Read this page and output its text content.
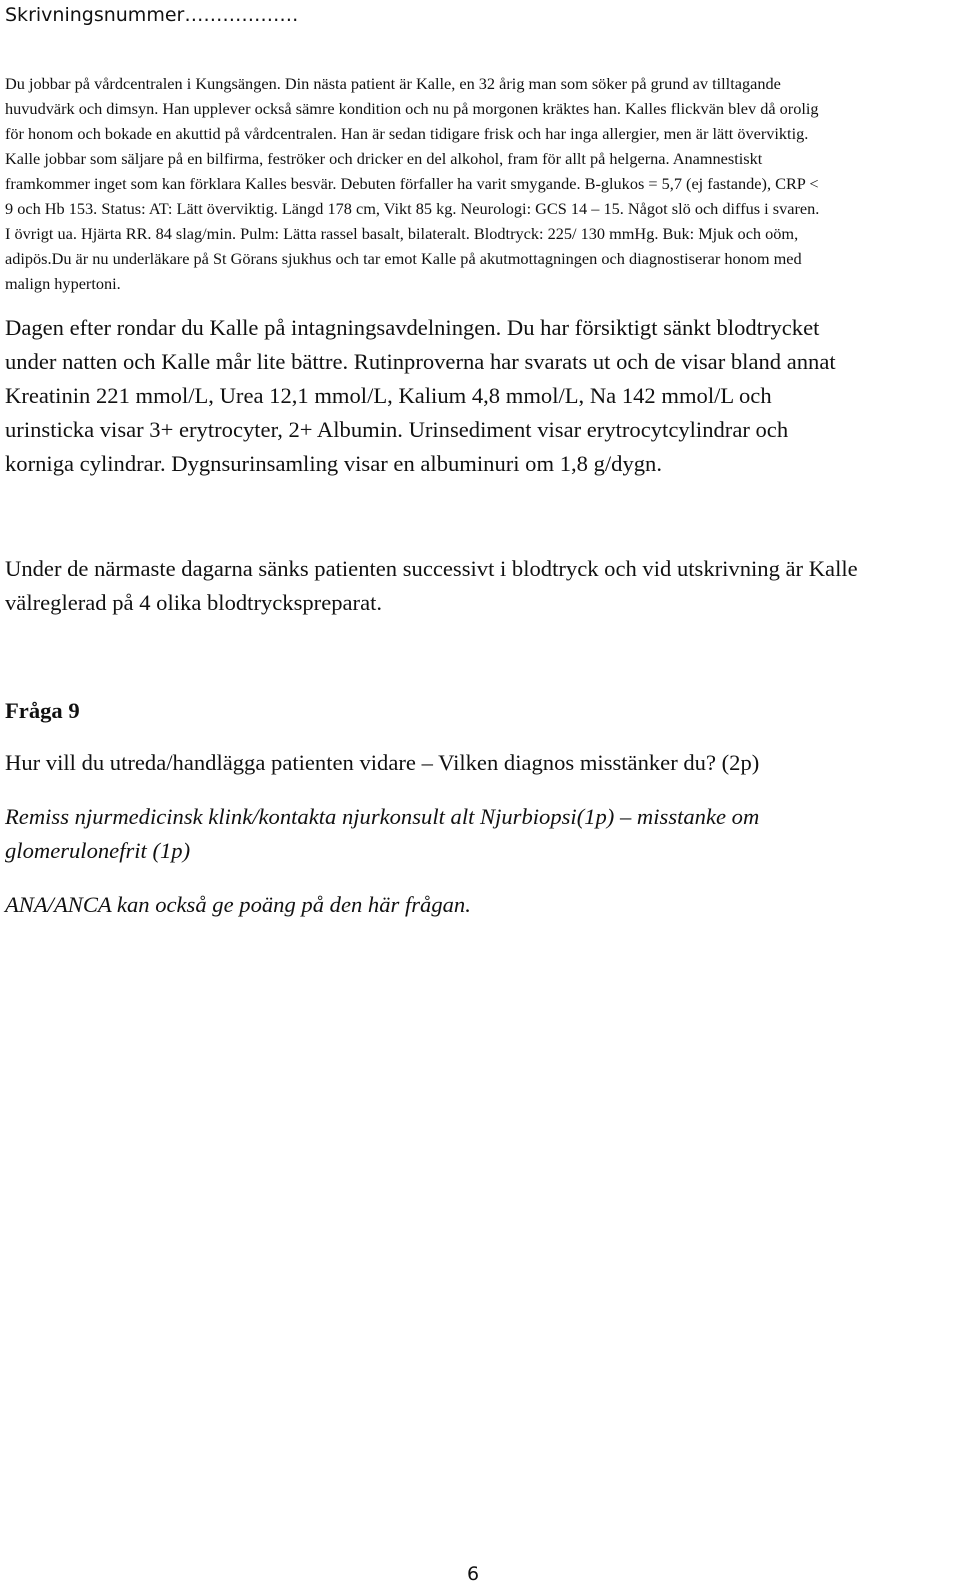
Skrivningsnummer………………
Du jobbar på vårdcentralen i Kungsängen. Din nästa patient är Kalle, en 32 årig man som söker på grund av tilltagande
huvudvärk och dimsyn. Han upplever också sämre kondition och nu på morgonen kräktes han. Kalles flickvän blev då orolig
för honom och bokade en akuttid på vårdcentralen. Han är sedan tidigare frisk och har inga allergier, men är lätt överviktig.
Kalle jobbar som säljare på en bilfirma, feströker och dricker en del alkohol, fram för allt på helgerna. Anamnestiskt
framkommer inget som kan förklara Kalles besvär. Debuten förfaller ha varit smygande. B-glukos = 5,7 (ej fastande), CRP <
9 och Hb 153. Status: AT: Lätt överviktig. Längd 178 cm, Vikt 85 kg. Neurologi: GCS 14 – 15. Något slö och diffus i svaren.
I övrigt ua. Hjärta RR. 84 slag/min. Pulm: Lätta rassel basalt, bilateralt. Blodtryck: 225/ 130 mmHg. Buk: Mjuk och oöm,
adipös.Du är nu underläkare på St Görans sjukhus och tar emot Kalle på akutmottagningen och diagnostiserar honom med
malign hypertoni.
Dagen efter rondar du Kalle på intagningsavdelningen. Du har försiktigt sänkt blodtrycket
under natten och Kalle mår lite bättre. Rutinproverna har svarats ut och de visar bland annat
Kreatinin 221 mmol/L, Urea 12,1 mmol/L, Kalium 4,8 mmol/L, Na 142 mmol/L och
urinsticka visar 3+ erytrocyter, 2+ Albumin. Urinsediment visar erytrocytcylindrar och
korniga cylindrar. Dygnsurinsamling visar en albuminuri om 1,8 g/dygn.
Under de närmaste dagarna sänks patienten successivt i blodtryck och vid utskrivning är Kalle
välreglerad på 4 olika blodtryckspreparat.
Fråga 9
Hur vill du utreda/handlägga patienten vidare – Vilken diagnos misstänker du? (2p)
Remiss njurmedicinsk klink/kontakta njurkonsult alt Njurbiopsi(1p) – misstanke om
glomerulonefrit (1p)
ANA/ANCA kan också ge poäng på den här frågan.
6
